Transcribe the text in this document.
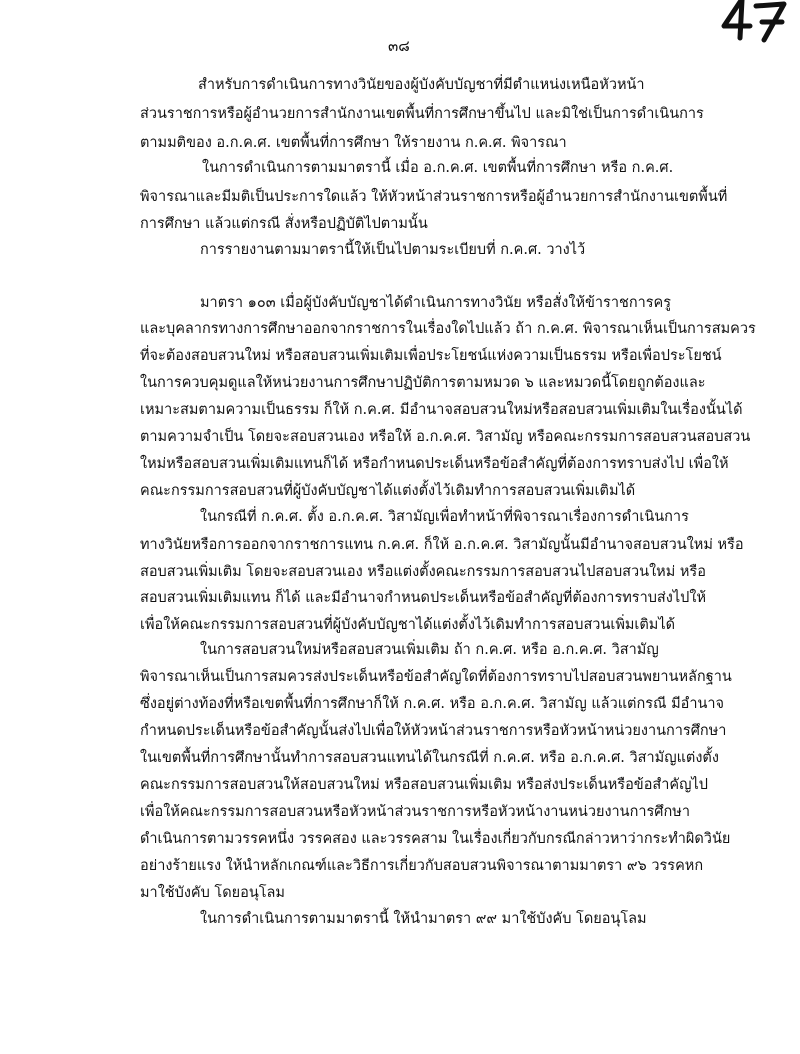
๓๘
สำหรับการดำเนินการทางวินัยของผู้บังคับบัญชาที่มีตำแหน่งเหนือหัวหน้า
ส่วนราชการหรือผู้อำนวยการสำนักงานเขตพื้นที่การศึกษาขึ้นไป และมิใช่เป็นการดำเนินการ
ตามมติของ อ.ก.ค.ศ. เขตพื้นที่การศึกษา ให้รายงาน ก.ค.ศ. พิจารณา
ในการดำเนินการตามมาตรานี้ เมื่อ อ.ก.ค.ศ. เขตพื้นที่การศึกษา หรือ ก.ค.ศ.
พิจารณาและมีมติเป็นประการใดแล้ว ให้หัวหน้าส่วนราชการหรือผู้อำนวยการสำนักงานเขตพื้นที่
การศึกษา แล้วแต่กรณี สั่งหรือปฏิบัติไปตามนั้น
การรายงานตามมาตรานี้ให้เป็นไปตามระเบียบที่ ก.ค.ศ. วางไว้
มาตรา ๑๐๓ เมื่อผู้บังคับบัญชาได้ดำเนินการทางวินัย หรือสั่งให้ข้าราชการครู
และบุคลากรทางการศึกษาออกจากราชการในเรื่องใดไปแล้ว ถ้า ก.ค.ศ. พิจารณาเห็นเป็นการสมควร
ที่จะต้องสอบสวนใหม่ หรือสอบสวนเพิ่มเติมเพื่อประโยชน์แห่งความเป็นธรรม หรือเพื่อประโยชน์
ในการควบคุมดูแลให้หน่วยงานการศึกษาปฏิบัติการตามหมวด ๖ และหมวดนี้โดยถูกต้องและ
เหมาะสมตามความเป็นธรรม ก็ให้ ก.ค.ศ. มีอำนาจสอบสวนใหม่หรือสอบสวนเพิ่มเติมในเรื่องนั้นได้
ตามความจำเป็น โดยจะสอบสวนเอง หรือให้ อ.ก.ค.ศ. วิสามัญ หรือคณะกรรมการสอบสวนสอบสวน
ใหม่หรือสอบสวนเพิ่มเติมแทนก็ได้ หรือกำหนดประเด็นหรือข้อสำคัญที่ต้องการทราบส่งไป เพื่อให้
คณะกรรมการสอบสวนที่ผู้บังคับบัญชาได้แต่งตั้งไว้เดิมทำการสอบสวนเพิ่มเติมได้
ในกรณีที่ ก.ค.ศ. ตั้ง อ.ก.ค.ศ. วิสามัญเพื่อทำหน้าที่พิจารณาเรื่องการดำเนินการ
ทางวินัยหรือการออกจากราชการแทน ก.ค.ศ. ก็ให้ อ.ก.ค.ศ. วิสามัญนั้นมีอำนาจสอบสวนใหม่ หรือ
สอบสวนเพิ่มเติม โดยจะสอบสวนเอง หรือแต่งตั้งคณะกรรมการสอบสวนไปสอบสวนใหม่ หรือ
สอบสวนเพิ่มเติมแทน ก็ได้ และมีอำนาจกำหนดประเด็นหรือข้อสำคัญที่ต้องการทราบส่งไปให้
เพื่อให้คณะกรรมการสอบสวนที่ผู้บังคับบัญชาได้แต่งตั้งไว้เดิมทำการสอบสวนเพิ่มเติมได้
ในการสอบสวนใหม่หรือสอบสวนเพิ่มเติม ถ้า ก.ค.ศ. หรือ อ.ก.ค.ศ. วิสามัญ
พิจารณาเห็นเป็นการสมควรส่งประเด็นหรือข้อสำคัญใดที่ต้องการทราบไปสอบสวนพยานหลักฐาน
ซึ่งอยู่ต่างท้องที่หรือเขตพื้นที่การศึกษาก็ให้ ก.ค.ศ. หรือ อ.ก.ค.ศ. วิสามัญ แล้วแต่กรณี มีอำนาจ
กำหนดประเด็นหรือข้อสำคัญนั้นส่งไปเพื่อให้หัวหน้าส่วนราชการหรือหัวหน้าหน่วยงานการศึกษา
ในเขตพื้นที่การศึกษานั้นทำการสอบสวนแทนได้ในกรณีที่ ก.ค.ศ. หรือ อ.ก.ค.ศ. วิสามัญแต่งตั้ง
คณะกรรมการสอบสวนให้สอบสวนใหม่ หรือสอบสวนเพิ่มเติม หรือส่งประเด็นหรือข้อสำคัญไป
เพื่อให้คณะกรรมการสอบสวนหรือหัวหน้าส่วนราชการหรือหัวหน้างานหน่วยงานการศึกษา
ดำเนินการตามวรรคหนึ่ง วรรคสอง และวรรคสาม ในเรื่องเกี่ยวกับกรณีกล่าวหาว่ากระทำผิดวินัย
อย่างร้ายแรง ให้นำหลักเกณฑ์และวิธีการเกี่ยวกับสอบสวนพิจารณาตามมาตรา ๙๖ วรรคหก
มาใช้บังคับ โดยอนุโลม
ในการดำเนินการตามมาตรานี้ ให้นำมาตรา ๙๙ มาใช้บังคับ โดยอนุโลม
